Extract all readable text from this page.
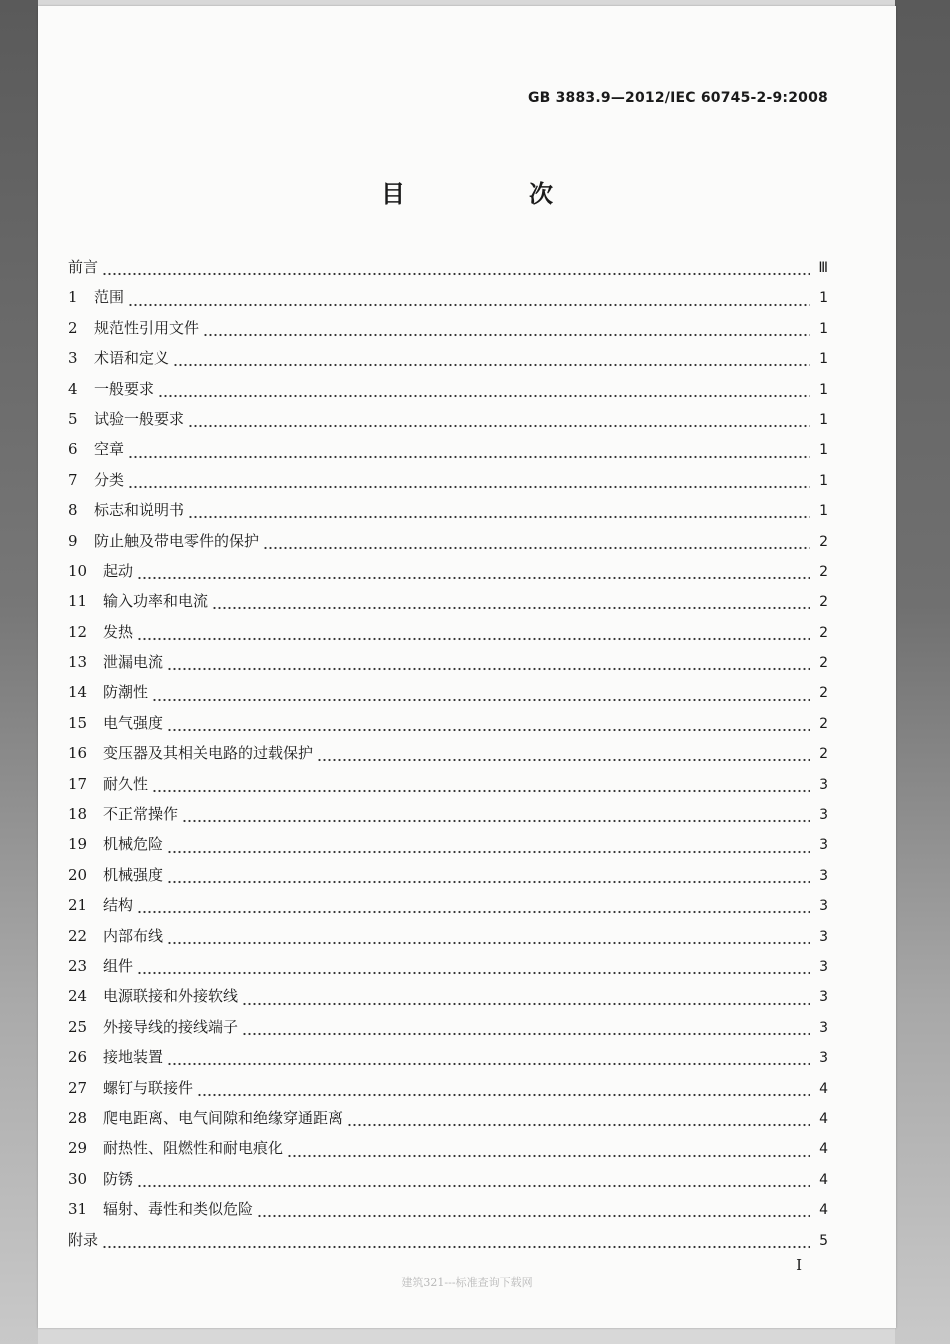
GB 3883.9—2012/IEC 60745-2-9:2008
目　次
前言	Ⅲ
1	范围	1
2	规范性引用文件	1
3	术语和定义	1
4	一般要求	1
5	试验一般要求	1
6	空章	1
7	分类	1
8	标志和说明书	1
9	防止触及带电零件的保护	2
10	起动	2
11	输入功率和电流	2
12	发热	2
13	泄漏电流	2
14	防潮性	2
15	电气强度	2
16	变压器及其相关电路的过载保护	2
17	耐久性	3
18	不正常操作	3
19	机械危险	3
20	机械强度	3
21	结构	3
22	内部布线	3
23	组件	3
24	电源联接和外接软线	3
25	外接导线的接线端子	3
26	接地装置	3
27	螺钉与联接件	4
28	爬电距离、电气间隙和绝缘穿通距离	4
29	耐热性、阻燃性和耐电痕化	4
30	防锈	4
31	辐射、毒性和类似危险	4
附录	5
I
建筑321---标准查询下载网
